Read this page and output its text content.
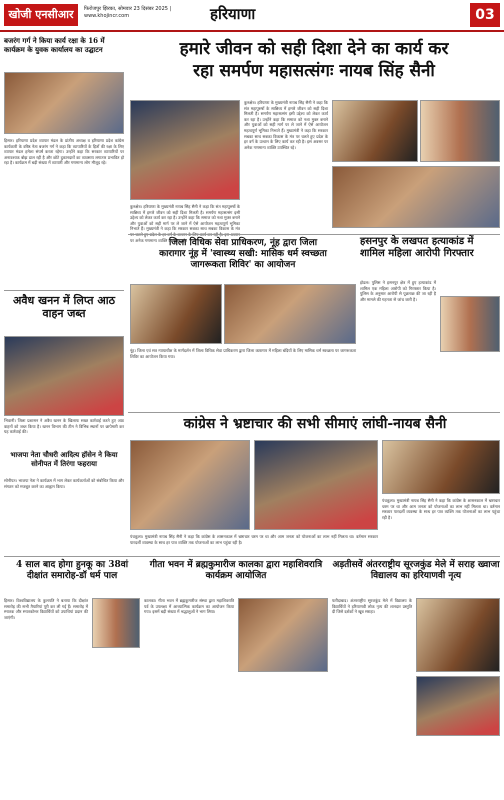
खोजी एनसीआर	फिरोजपुर झिरका, सोमवार 23 दिसंबर 2025 | www.khojincr.com	हरियाणा	03
बजरंग गर्ग ने किया कार्य रक्षा के 16 में कार्यक्रम के युवक कार्यालय का उद्घाटन
हिसार। हरियाणा प्रदेश व्यापार मंडल के प्रांतीय अध्यक्ष व हरियाणा प्रदेश कांग्रेस कार्यकारी के वरिष्ठ नेता बजरंग गर्ग ने कहा कि व्यापारियों के हितों की रक्षा के लिए व्यापार मंडल हमेशा संघर्ष करता रहेगा। उन्होंने कहा कि सरकार व्यापारियों पर अनावश्यक बोझ डाल रही है और छोटे दुकानदारों का व्यवसाय लगातार प्रभावित हो रहा है। कार्यक्रम में बड़ी संख्या में व्यापारी और गणमान्य लोग मौजूद रहे।
हमारे जीवन को सही दिशा देने का कार्य कर
रहा समर्पण महासत्संगः नायब सिंह सैनी
कुरुक्षेत्र। हरियाणा के मुख्यमंत्री नायब सिंह सैनी ने कहा कि संत महापुरुषों के सान्निध्य में हमारे जीवन को सही दिशा मिलती है। समर्पण महासत्संग इसी उद्देश्य को लेकर कार्य कर रहा है। उन्होंने कहा कि समाज को नशा मुक्त बनाने और युवाओं को सही मार्ग पर ले जाने में ऐसे आयोजन महत्वपूर्ण भूमिका निभाते हैं। मुख्यमंत्री ने कहा कि सरकार सबका साथ सबका विकास के मंत्र पर चलते हुए प्रदेश के हर वर्ग के उत्थान के लिए कार्य कर रही है। इस अवसर पर अनेक गणमान्य व्यक्ति उपस्थित रहे।
कुरुक्षेत्र। हरियाणा के मुख्यमंत्री नायब सिंह सैनी ने कहा कि संत महापुरुषों के सान्निध्य में हमारे जीवन को सही दिशा मिलती है। समर्पण महासत्संग इसी उद्देश्य को लेकर कार्य कर रहा है। उन्होंने कहा कि समाज को नशा मुक्त बनाने और युवाओं को सही मार्ग पर ले जाने में ऐसे आयोजन महत्वपूर्ण भूमिका निभाते हैं। मुख्यमंत्री ने कहा कि सरकार सबका साथ सबका विकास के मंत्र पर अनेक गणमान्य व्यक्ति उपस्थित रहे।
जिला विधिक सेवा प्राधिकरण, नूंह द्वारा जिला
कारागार नूंह में 'स्वास्थ्य सखी: मासिक धर्म स्वच्छता
जागरूकता शिविर' का आयोजन
नूंह। जिला एवं सत्र न्यायाधीश के मार्गदर्शन में जिला विधिक सेवा प्राधिकरण द्वारा जिला कारागार में महिला बंदियों के लिए मासिक धर्म स्वच्छता पर जागरूकता शिविर का आयोजन किया गया।
हसनपुर के लखपत हत्याकांड में शामिल महिला आरोपी गिरफ्तार
होडल। पुलिस ने हसनपुर क्षेत्र में हुए हत्याकांड में शामिल एक महिला आरोपी को गिरफ्तार किया है। पुलिस के अनुसार आरोपी से पूछताछ की जा रही है और मामले की गहनता से जांच जारी है।
अवैध खनन में लिप्त आठ वाहन जब्त
भिवानी। जिला प्रशासन ने अवैध खनन के खिलाफ सख्त कार्रवाई करते हुए आठ वाहनों को जब्त किया है। खनन विभाग की टीम ने विभिन्न स्थानों पर छापेमारी कर यह कार्रवाई की।
भाजपा नेता चौधरी आदित्य हॉसेन ने किया सोनीपत में तिरंगा फहराया
सोनीपत। भाजपा नेता ने कार्यक्रम में भाग लेकर कार्यकर्ताओं को संबोधित किया और संगठन को मजबूत करने का आह्वान किया।
कांग्रेस ने भ्रष्टाचार की सभी सीमाएं लांघी-नायब सैनी
पंचकूला। मुख्यमंत्री नायब सिंह सैनी ने कहा कि कांग्रेस के शासनकाल में भ्रष्टाचार चरम पर था और आम जनता को योजनाओं का लाभ नहीं मिलता था। वर्तमान सरकार पारदर्शी व्यवस्था के साथ हर पात्र व्यक्ति तक योजनाओं का लाभ पहुंचा रही है।
पंचकूला। मुख्यमंत्री नायब सिंह सैनी ने कहा कि कांग्रेस के शासनकाल में भ्रष्टाचार चरम पर था और आम जनता को योजनाओं का लाभ नहीं मिलता था। वर्तमान सरकार पारदर्शी व्यवस्था के साथ हर पात्र व्यक्ति तक योजनाओं का लाभ पहुंचा रही है।
4 साल बाद होगा हुनकू का 38वां दीक्षांत समारोह-डॉ धर्म पाल
हिसार। विश्वविद्यालय के कुलपति ने बताया कि दीक्षांत समारोह की सभी तैयारियां पूरी कर ली गई हैं। समारोह में स्नातक और स्नातकोत्तर विद्यार्थियों को उपाधियां प्रदान की जाएंगी।
गीता भवन में ब्रह्मकुमारीज कालका द्वारा महाशिवरात्रि कार्यक्रम आयोजित
कालका। गीता भवन में ब्रह्मकुमारीज संस्था द्वारा महाशिवरात्रि पर्व के उपलक्ष्य में आध्यात्मिक कार्यक्रम का आयोजन किया गया। इसमें बड़ी संख्या में श्रद्धालुओं ने भाग लिया।
अड़तीसवें अंतरराष्ट्रीय सूरजकुंड मेले में सराह ख्वाजा विद्यालय का हरियाणवी नृत्य
फरीदाबाद। अंतरराष्ट्रीय सूरजकुंड मेले में विद्यालय के विद्यार्थियों ने हरियाणवी लोक नृत्य की शानदार प्रस्तुति दी जिसे दर्शकों ने खूब सराहा।
